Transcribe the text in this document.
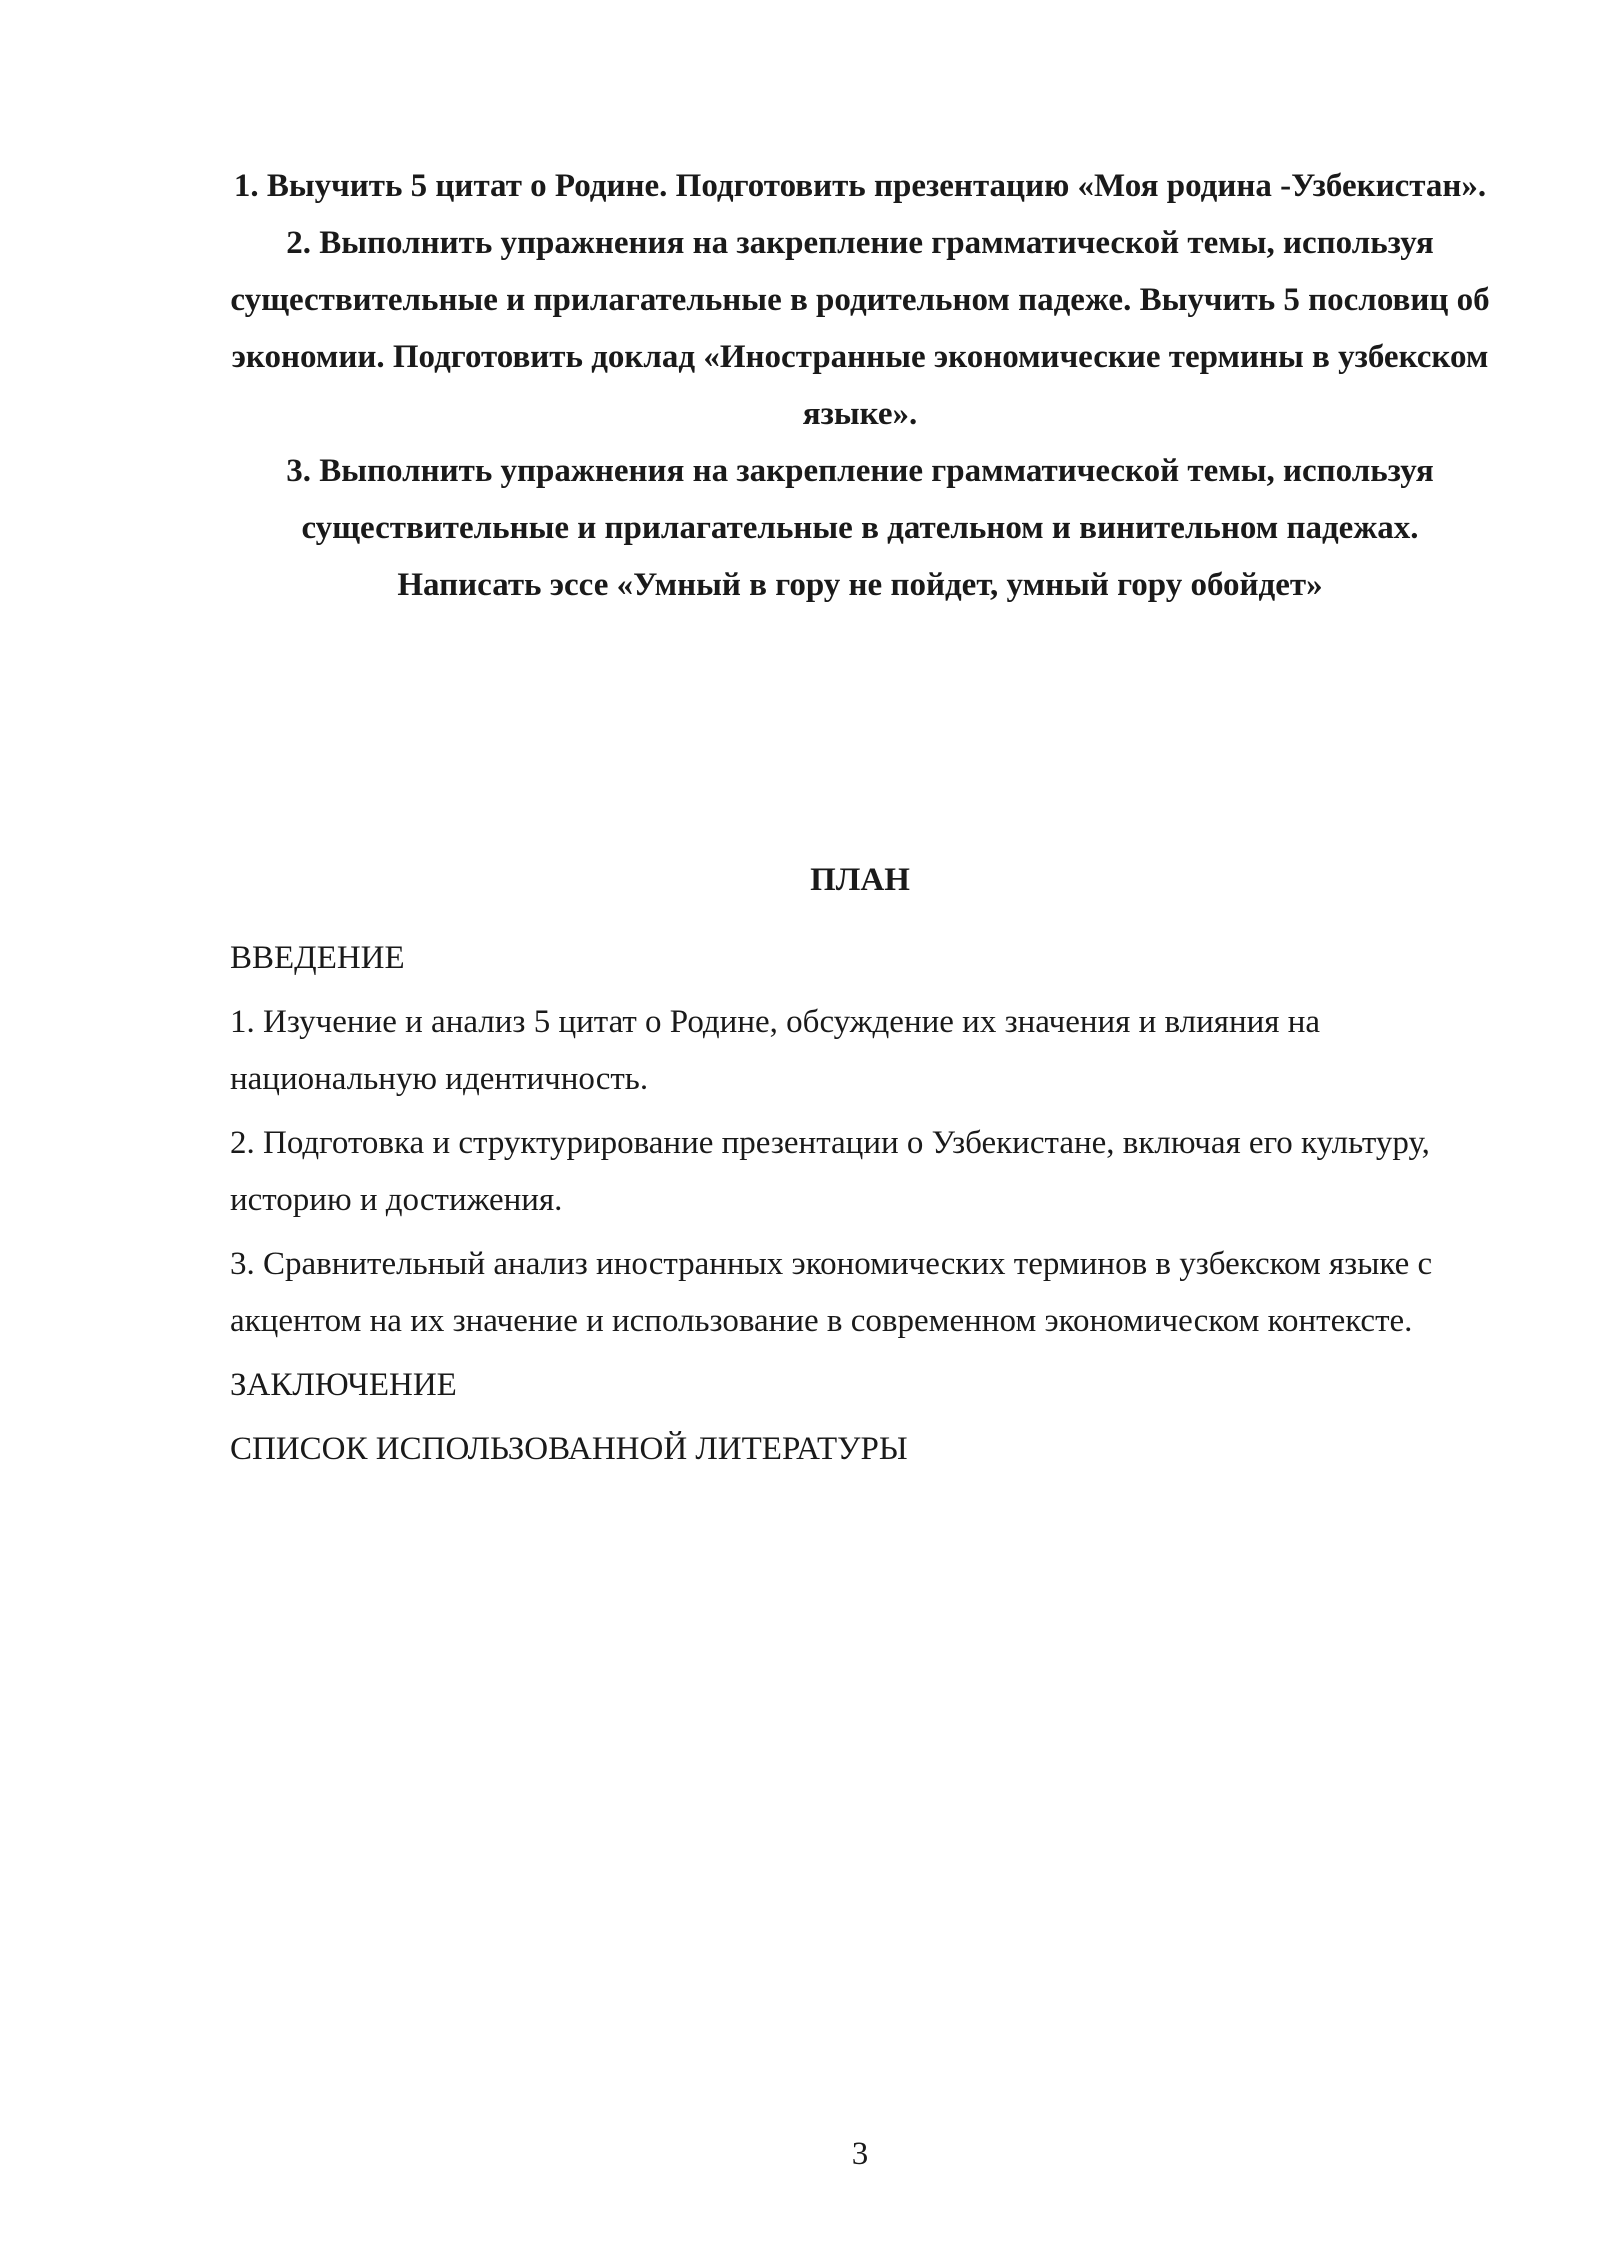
1. Выучить 5 цитат о Родине. Подготовить презентацию «Моя родина -Узбекистан».

2. Выполнить упражнения на закрепление грамматической темы, используя существительные и прилагательные в родительном падеже. Выучить 5 пословиц об экономии. Подготовить доклад «Иностранные экономические термины в узбекском языке».

3. Выполнить упражнения на закрепление грамматической темы, используя существительные и прилагательные в дательном и винительном падежах. Написать эссе «Умный в гору не пойдет, умный гору обойдет»

ПЛАН

ВВЕДЕНИЕ

1. Изучение и анализ 5 цитат о Родине, обсуждение их значения и влияния на национальную идентичность.

2. Подготовка и структурирование презентации о Узбекистане, включая его культуру, историю и достижения.

3. Сравнительный анализ иностранных экономических терминов в узбекском языке с акцентом на их значение и использование в современном экономическом контексте.

ЗАКЛЮЧЕНИЕ

СПИСОК ИСПОЛЬЗОВАННОЙ ЛИТЕРАТУРЫ

3
